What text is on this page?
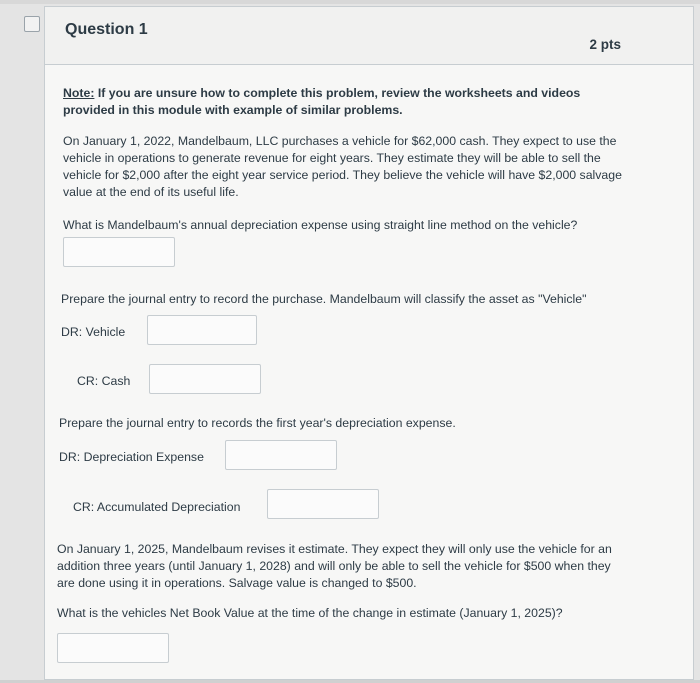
Question 1
2 pts
Note: If you are unsure how to complete this problem, review the worksheets and videos provided in this module with example of similar problems.
On January 1, 2022, Mandelbaum, LLC purchases a vehicle for $62,000 cash. They expect to use the vehicle in operations to generate revenue for eight years. They estimate they will be able to sell the vehicle for $2,000 after the eight year service period. They believe the vehicle will have $2,000 salvage value at the end of its useful life.
What is Mandelbaum's annual depreciation expense using straight line method on the vehicle?
Prepare the journal entry to record the purchase. Mandelbaum will classify the asset as "Vehicle"
DR: Vehicle
CR: Cash
Prepare the journal entry to records the first year's depreciation expense.
DR: Depreciation Expense
CR: Accumulated Depreciation
On January 1, 2025, Mandelbaum revises it estimate. They expect they will only use the vehicle for an addition three years (until January 1, 2028) and will only be able to sell the vehicle for $500 when they are done using it in operations. Salvage value is changed to $500.
What is the vehicles Net Book Value at the time of the change in estimate (January 1, 2025)?
